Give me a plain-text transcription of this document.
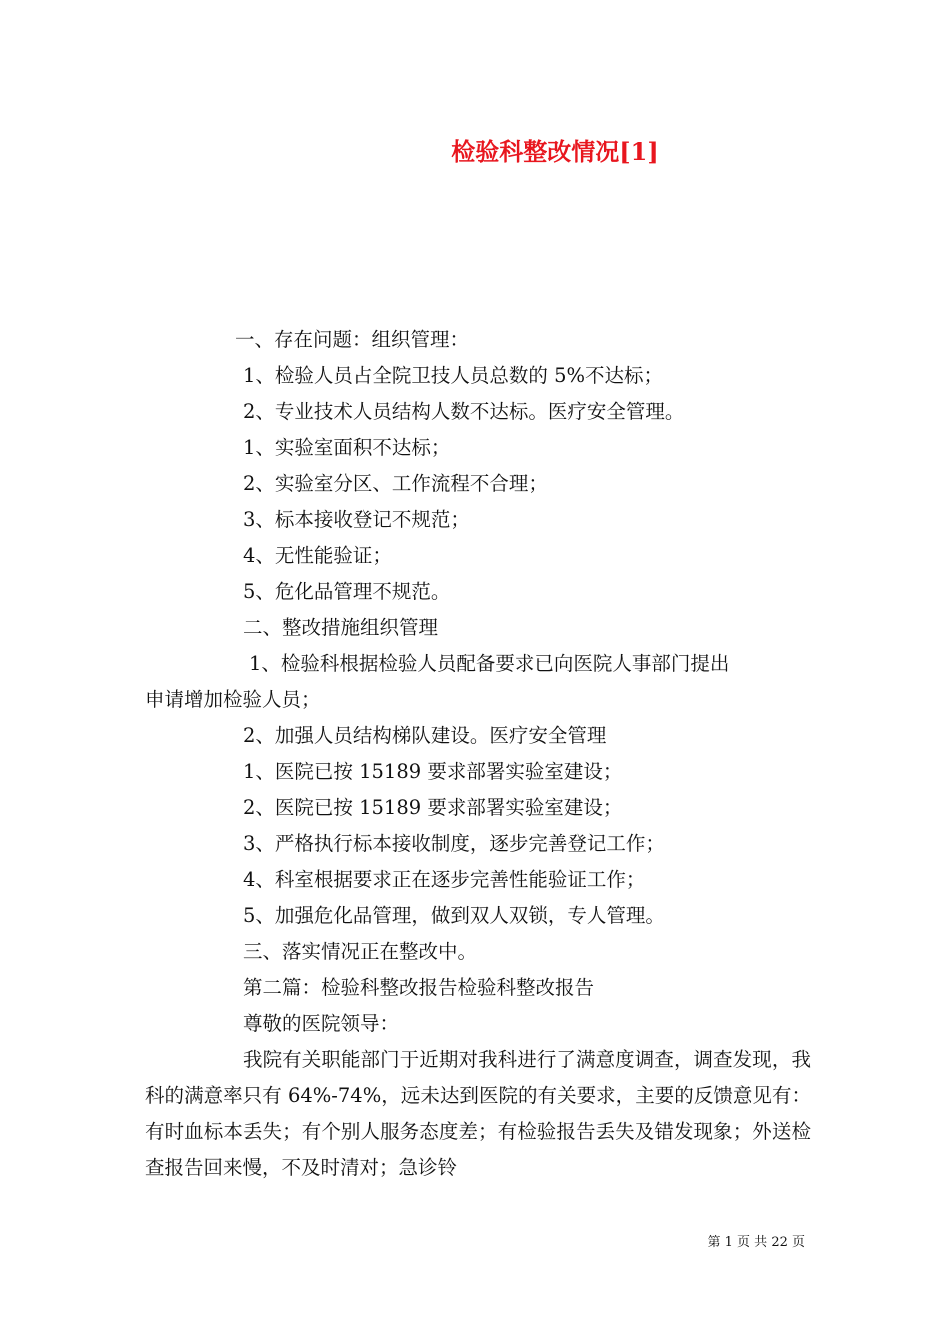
检验科整改情况[1]
一、存在问题：组织管理：
1、检验人员占全院卫技人员总数的 5%不达标；
2、专业技术人员结构人数不达标。医疗安全管理。
1、实验室面积不达标；
2、实验室分区、工作流程不合理；
3、标本接收登记不规范；
4、无性能验证；
5、危化品管理不规范。
二、整改措施组织管理
1、检验科根据检验人员配备要求已向医院人事部门提出
申请增加检验人员；
2、加强人员结构梯队建设。医疗安全管理
1、医院已按 15189 要求部署实验室建设；
2、医院已按 15189 要求部署实验室建设；
3、严格执行标本接收制度，逐步完善登记工作；
4、科室根据要求正在逐步完善性能验证工作；
5、加强危化品管理，做到双人双锁，专人管理。
三、落实情况正在整改中。
第二篇：检验科整改报告检验科整改报告
尊敬的医院领导：
我院有关职能部门于近期对我科进行了满意度调查，调查发现，我科的满意率只有 64%-74%，远未达到医院的有关要求，主要的反馈意见有：有时血标本丢失；有个别人服务态度差；有检验报告丢失及错发现象；外送检查报告回来慢，不及时清对；急诊铃
第 1 页 共 22 页
